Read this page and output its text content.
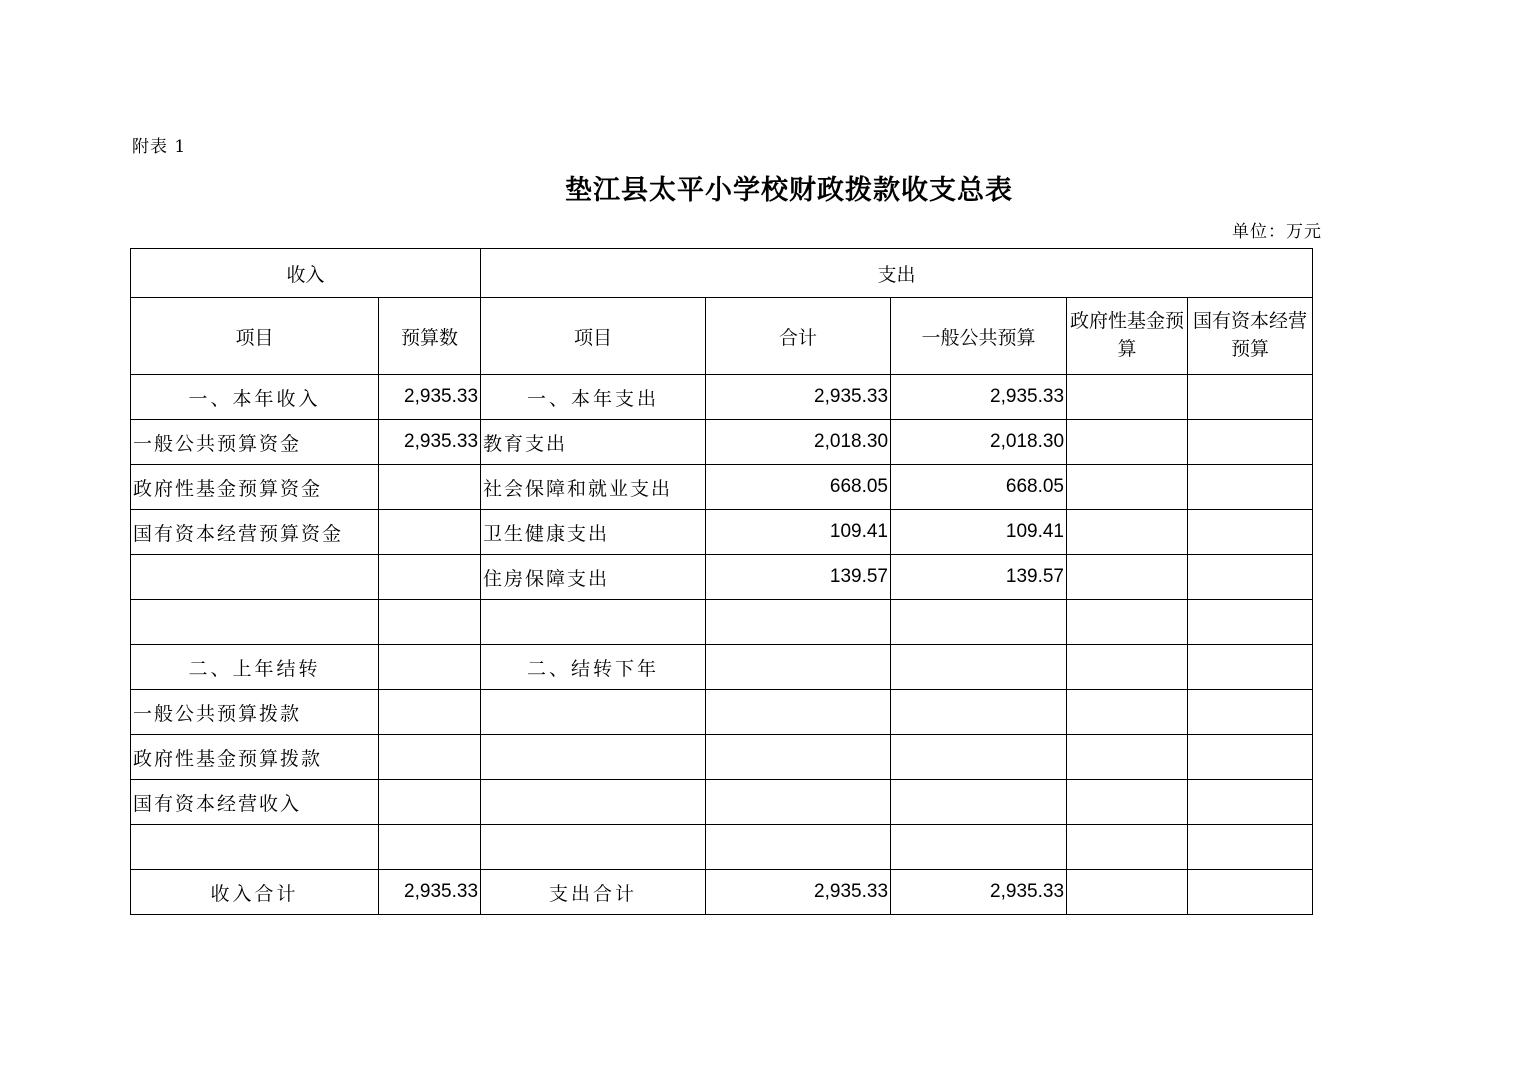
附表 1
垫江县太平小学校财政拨款收支总表
单位：万元
收入		支出				
项目	预算数	项目	合计	一般公共预算	政府性基金预算	国有资本经营预算
一、本年收入	2,935.33	一、本年支出	2,935.33	2,935.33		
一般公共预算资金	2,935.33	教育支出	2,018.30	2,018.30		
政府性基金预算资金		社会保障和就业支出	668.05	668.05		
国有资本经营预算资金		卫生健康支出	109.41	109.41		
		住房保障支出	139.57	139.57		

二、上年结转		二、结转下年				
一般公共预算拨款						
政府性基金预算拨款						
国有资本经营收入						

收入合计	2,935.33	支出合计	2,935.33	2,935.33		
